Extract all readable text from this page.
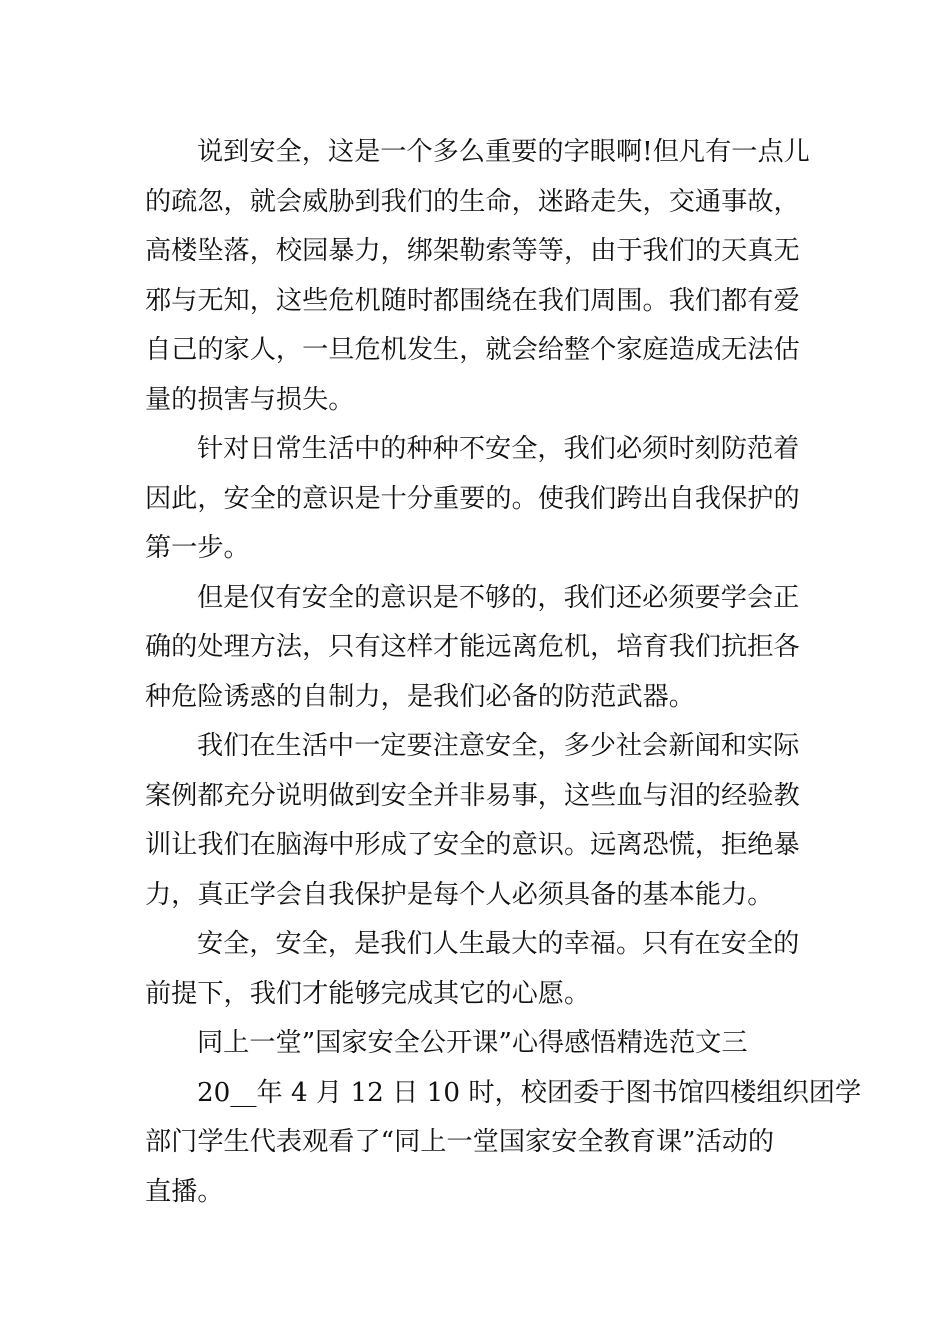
说到安全，这是一个多么重要的字眼啊!但凡有一点儿
的疏忽，就会威胁到我们的生命，迷路走失，交通事故，
高楼坠落，校园暴力，绑架勒索等等，由于我们的天真无
邪与无知，这些危机随时都围绕在我们周围。我们都有爱
自己的家人，一旦危机发生，就会给整个家庭造成无法估
量的损害与损失。
针对日常生活中的种种不安全，我们必须时刻防范着
因此，安全的意识是十分重要的。使我们跨出自我保护的
第一步。
但是仅有安全的意识是不够的，我们还必须要学会正
确的处理方法，只有这样才能远离危机，培育我们抗拒各
种危险诱惑的自制力，是我们必备的防范武器。
我们在生活中一定要注意安全，多少社会新闻和实际
案例都充分说明做到安全并非易事，这些血与泪的经验教
训让我们在脑海中形成了安全的意识。远离恐慌，拒绝暴
力，真正学会自我保护是每个人必须具备的基本能力。
安全，安全，是我们人生最大的幸福。只有在安全的
前提下，我们才能够完成其它的心愿。
同上一堂”国家安全公开课”心得感悟精选范文三
20__年 4 月 12 日 10 时，校团委于图书馆四楼组织团学
部门学生代表观看了“同上一堂国家安全教育课”活动的
直播。
